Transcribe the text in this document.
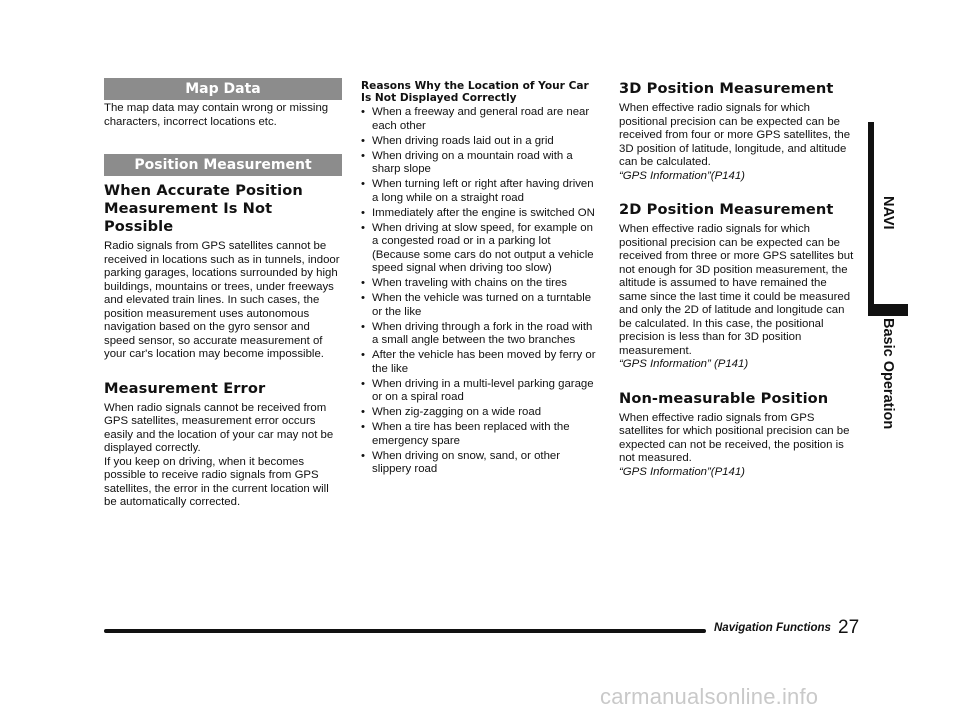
Map Data

The map data may contain wrong or missing characters, incorrect locations etc.

Position Measurement
When Accurate Position Measurement Is Not Possible

Radio signals from GPS satellites cannot be received in locations such as in tunnels, indoor parking garages, locations surrounded by high buildings, mountains or trees, under freeways and elevated train lines. In such cases, the position measurement uses autonomous navigation based on the gyro sensor and speed sensor, so accurate measurement of your car's location may become impossible.

Measurement Error

When radio signals cannot be received from GPS satellites, measurement error occurs easily and the location of your car may not be displayed correctly.

If you keep on driving, when it becomes possible to receive radio signals from GPS satellites, the error in the current location will be automatically corrected.

Reasons Why the Location of Your Car Is Not Displayed Correctly
• When a freeway and general road are near each other
• When driving roads laid out in a grid
• When driving on a mountain road with a sharp slope
• When turning left or right after having driven a long while on a straight road
• Immediately after the engine is switched ON
• When driving at slow speed, for example on a congested road or in a parking lot (Because some cars do not output a vehicle speed signal when driving too slow)
• When traveling with chains on the tires
• When the vehicle was turned on a turntable or the like
• When driving through a fork in the road with a small angle between the two branches
• After the vehicle has been moved by ferry or the like
• When driving in a multi-level parking garage or on a spiral road
• When zig-zagging on a wide road
• When a tire has been replaced with the emergency spare
• When driving on snow, sand, or other slippery road
3D Position Measurement

When effective radio signals for which positional precision can be expected can be received from four or more GPS satellites, the 3D position of latitude, longitude, and altitude can be calculated.

“GPS Information”(P141)

2D Position Measurement

When effective radio signals for which positional precision can be expected can be received from three or more GPS satellites but not enough for 3D position measurement, the altitude is assumed to have remained the same since the last time it could be measured and only the 2D of latitude and longitude can be calculated. In this case, the positional precision is less than for 3D position measurement.

“GPS Information” (P141)

Non-measurable Position

When effective radio signals from GPS satellites for which positional precision can be expected can not be received, the position is not measured.

“GPS Information”(P141)

NAVI
Basic Operation
Navigation Functions 27
carmanualsonline.info
